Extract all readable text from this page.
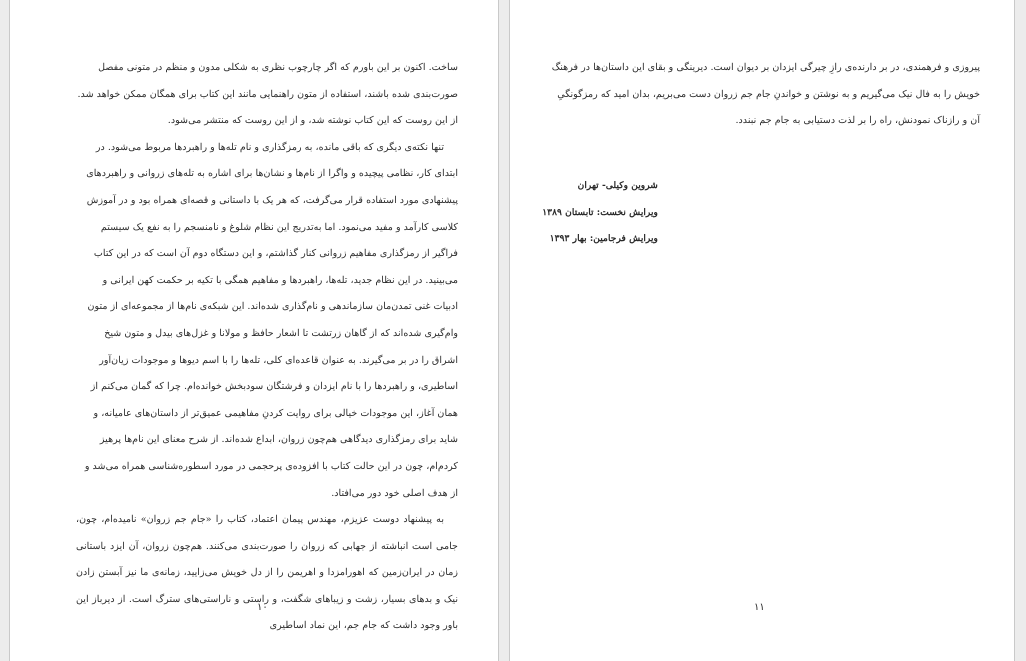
ساخت. اکنون بر این باورم که اگر چارچوب نظری به شکلی مدون و منظم در متونی مفصل صورت‌بندی شده باشند، استفاده از متون راهنمایی مانند این کتاب برای همگان ممکن خواهد شد. از این روست که این کتاب نوشته شد، و از این روست که منتشر می‌شود.

تنها نکته‌ی دیگری که باقی مانده، به رمزگذاری و نام تله‌ها و راهبردها مربوط می‌شود. در ابتدای کار، نظامی پیچیده و واگرا از نام‌ها و نشان‌ها برای اشاره به تله‌های زروانی و راهبردهای پیشنهادی مورد استفاده قرار می‌گرفت، که هر یک با داستانی و قصه‌ای همراه بود و در آموزش کلاسی کارآمد و مفید می‌نمود. اما به‌تدریج این نظام شلوغ و نامنسجم را به نفع یک سیستم فراگیر از رمزگذاری مفاهیم زروانی کنار گذاشتم، و این دستگاه دوم آن است که در این کتاب می‌بینید. در این نظام جدید، تله‌ها، راهبردها و مفاهیم همگی با تکیه بر حکمت کهن ایرانی و ادبیات غنی تمدن‌مان سازماندهی و نام‌گذاری شده‌اند. این شبکه‌ی نام‌ها از مجموعه‌ای از متون وام‌گیری شده‌اند که از گاهان زرتشت تا اشعار حافظ و مولانا و غزل‌های بیدل و متون شیخ اشراق را در بر می‌گیرند. به عنوان قاعده‌ای کلی، تله‌ها را با اسم دیوها و موجودات زیان‌آور اساطیری، و راهبردها را با نام ایزدان و فرشتگان سودبخش خوانده‌ام. چرا که گمان می‌کنم از همان آغاز، این موجودات خیالی برای روایت کردنِ مفاهیمی عمیق‌تر از داستان‌های عامیانه، و شاید برای رمزگذاری دیدگاهی هم‌چون زروان، ابداع شده‌اند. از شرح معنای این نام‌ها پرهیز کردم‌ام، چون در این حالت کتاب با افزوده‌ی پرحجمی در مورد اسطوره‌شناسی همراه می‌شد و از هدف اصلی خود دور می‌افتاد.

به پیشنهاد دوست عزیزم، مهندس پیمان اعتماد، کتاب را «جام جم زروان» نامیده‌ام، چون، جامی است انباشته از جهابی که زروان را صورت‌بندی می‌کنند. هم‌چون زروان، آن ایزد باستانی زمان در ایران‌زمین که اهورامزدا و اهریمن را از دل خویش می‌زایید، زمانه‌ی ما نیز آبستن زادن نیک و بدهای بسیار، زشت و زیباهای شگفت، و راستی و ناراستی‌های سترگ است. از دیرباز این باور وجود داشت که جام جم، این نماد اساطیری

۱۰

پیروزی و فرهمندی، در بر دارنده‌ی رازِ چیرگی ایزدان بر دیوان است. دیرینگی و بقای این داستان‌ها در فرهنگ خویش را به فال نیک می‌گیریم و به نوشتن و خواندنِ جام جم زروان دست می‌بریم، بدان امید که رمزگونگیِ آن و رازناک نمودنش، راه را بر لذت دستیابی به جام جم نبندد.

شروین وکیلی- تهران
ویرایش نخست: تابستان ۱۳۸۹
ویرایش فرجامین: بهار ۱۳۹۳
۱۱
